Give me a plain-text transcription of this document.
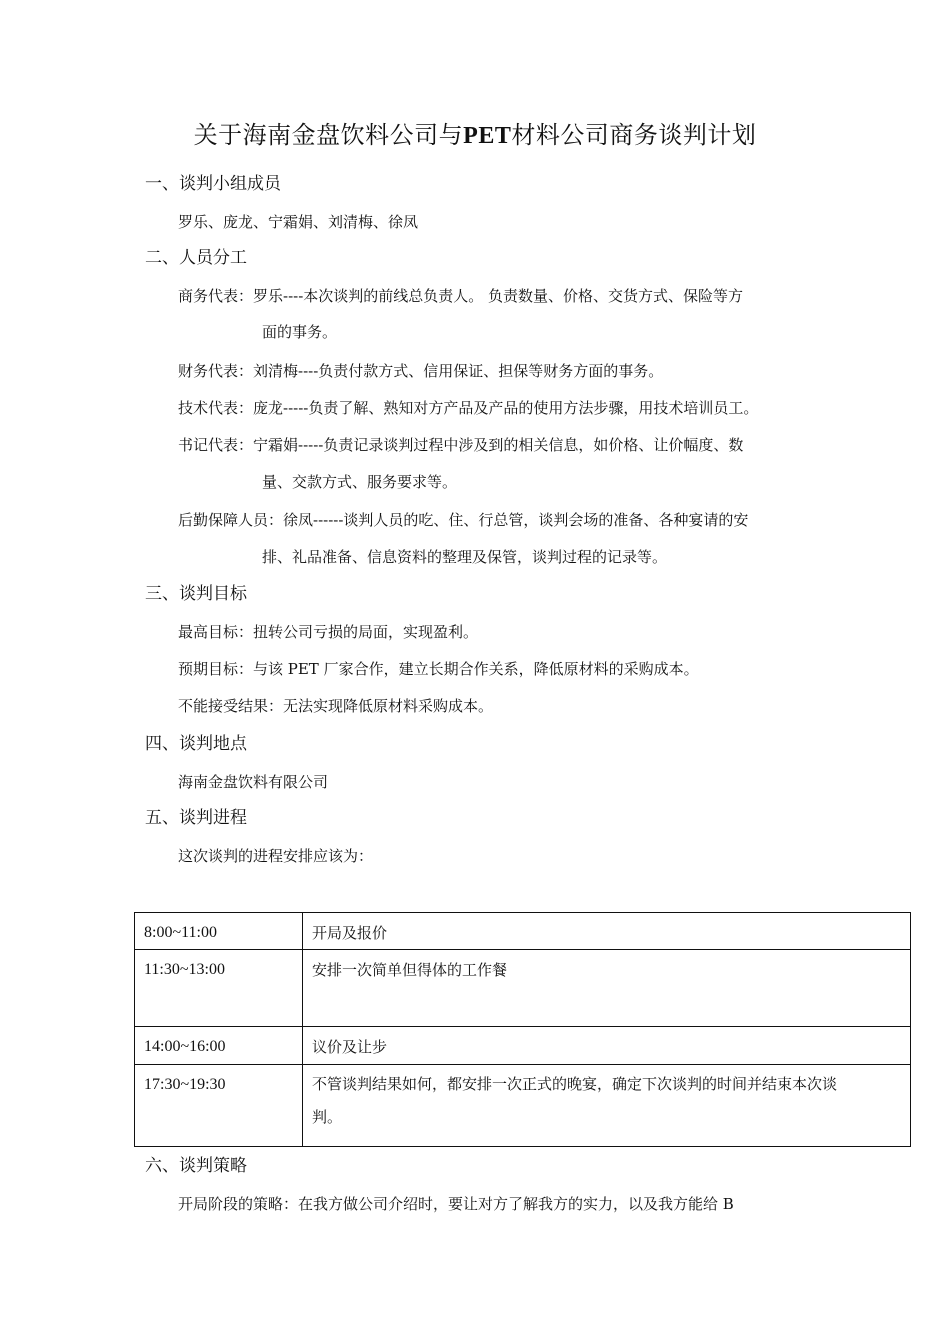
关于海南金盘饮料公司与PET材料公司商务谈判计划
一、谈判小组成员
罗乐、庞龙、宁霜娟、刘清梅、徐凤
二、人员分工
商务代表：罗乐----本次谈判的前线总负责人。 负责数量、价格、交货方式、保险等方
面的事务。
财务代表：刘清梅----负责付款方式、信用保证、担保等财务方面的事务。
技术代表：庞龙-----负责了解、熟知对方产品及产品的使用方法步骤，用技术培训员工。
书记代表：宁霜娟-----负责记录谈判过程中涉及到的相关信息，如价格、让价幅度、数
量、交款方式、服务要求等。
后勤保障人员：徐凤------谈判人员的吃、住、行总管，谈判会场的准备、各种宴请的安
排、礼品准备、信息资料的整理及保管，谈判过程的记录等。
三、谈判目标
最高目标：扭转公司亏损的局面，实现盈利。
预期目标：与该 PET 厂家合作，建立长期合作关系，降低原材料的采购成本。
不能接受结果：无法实现降低原材料采购成本。
四、谈判地点
海南金盘饮料有限公司
五、谈判进程
这次谈判的进程安排应该为：
8:00~11:00	开局及报价
11:30~13:00	安排一次简单但得体的工作餐
14:00~16:00	议价及让步
17:30~19:30	不管谈判结果如何，都安排一次正式的晚宴，确定下次谈判的时间并结束本次谈
判。
六、谈判策略
开局阶段的策略：在我方做公司介绍时，要让对方了解我方的实力，以及我方能给 B
